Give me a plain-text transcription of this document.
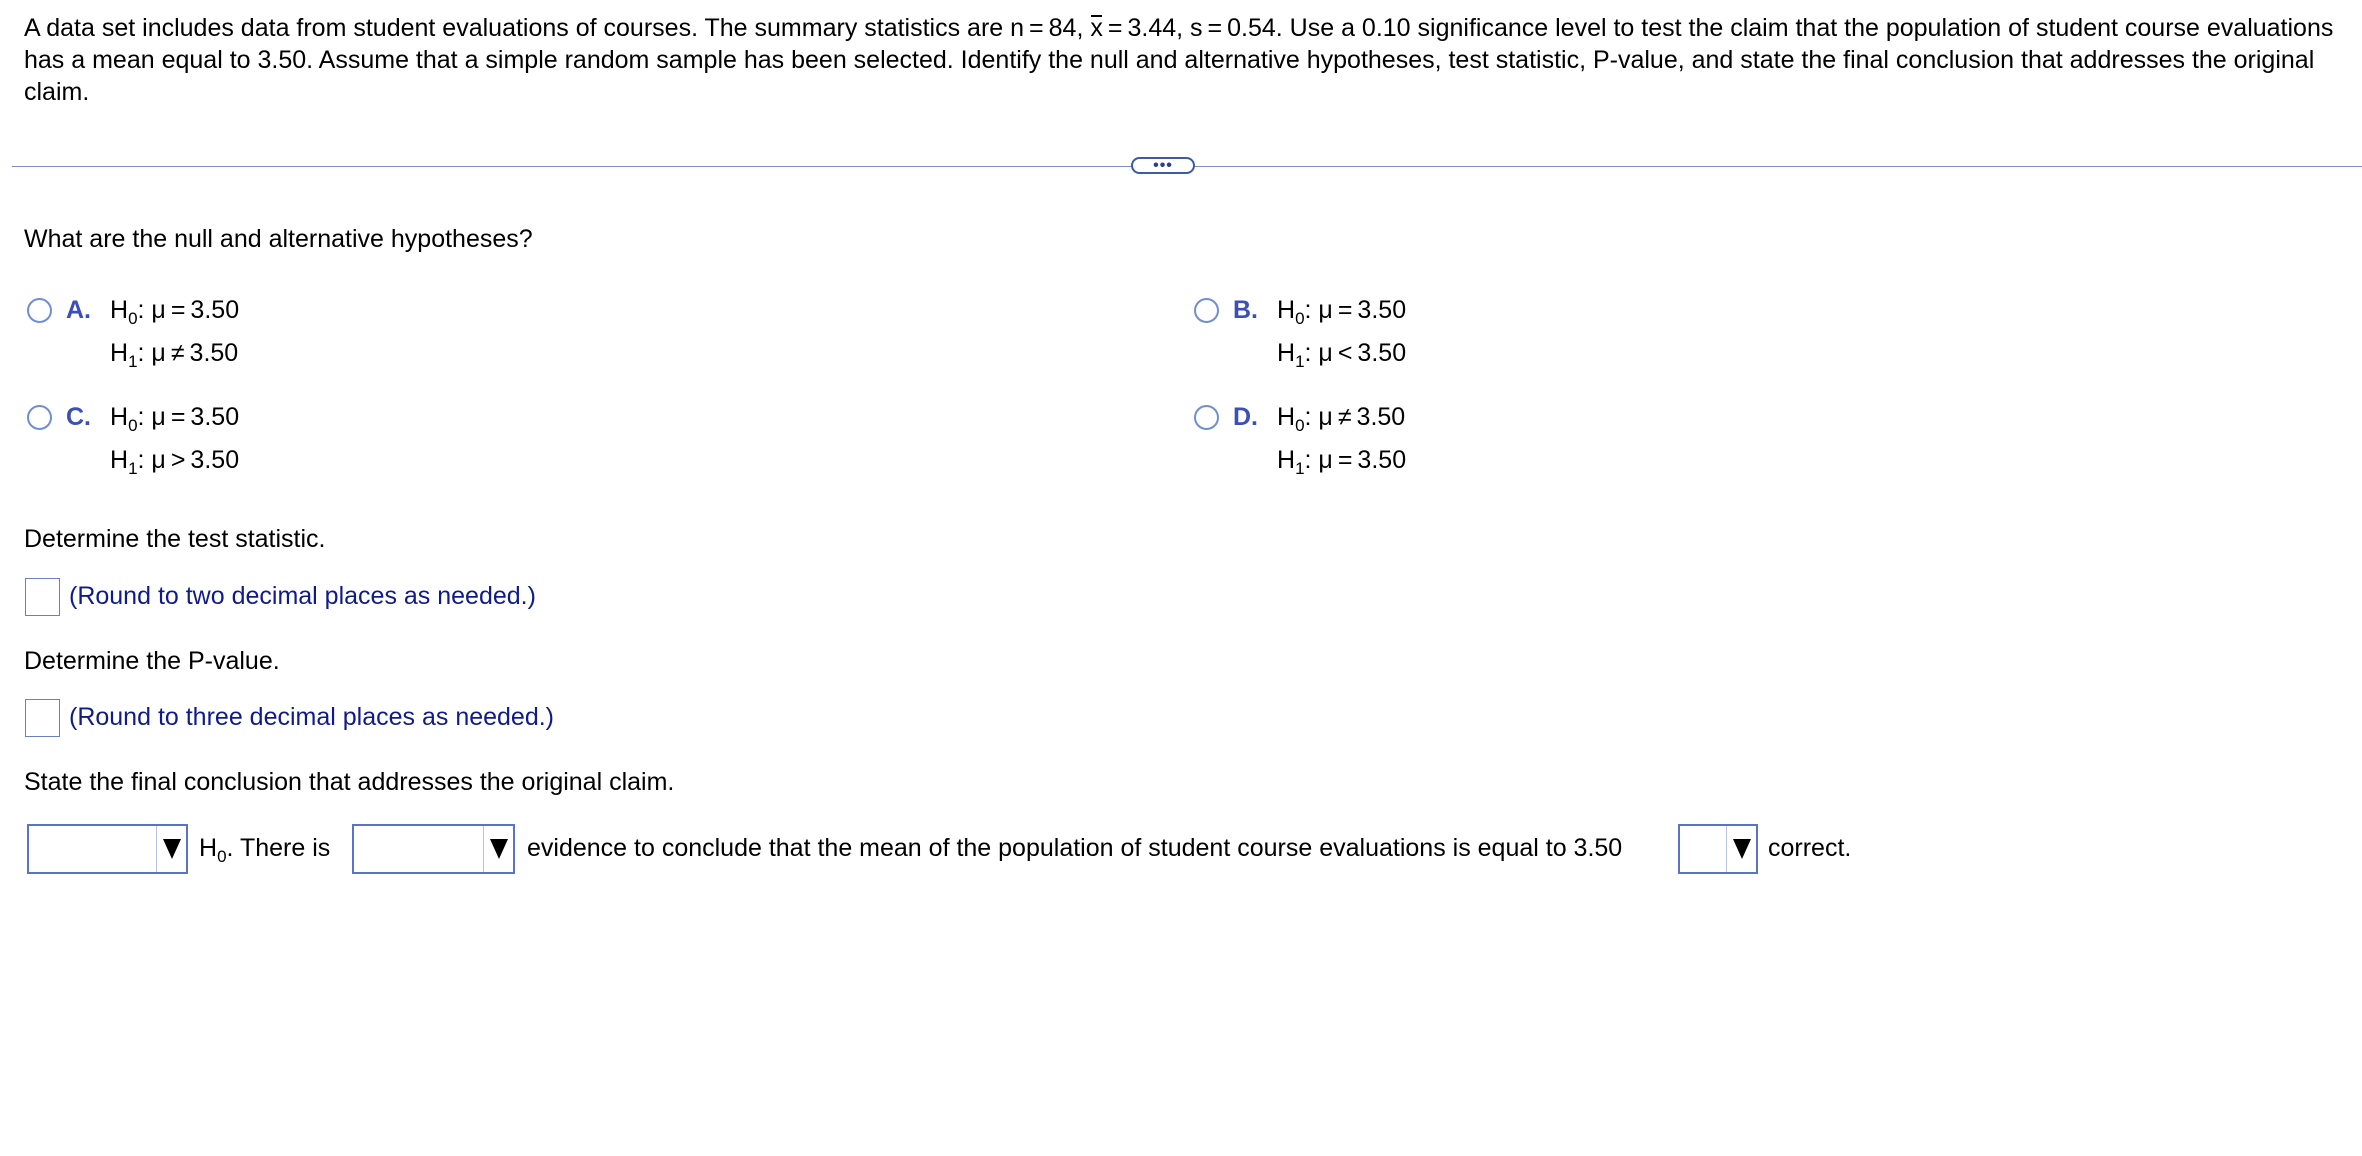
A data set includes data from student evaluations of courses. The summary statistics are n = 84, x = 3.44, s = 0.54. Use a 0.10 significance level to test the claim that the population of student course evaluations has a mean equal to 3.50. Assume that a simple random sample has been selected. Identify the null and alternative hypotheses, test statistic, P-value, and state the final conclusion that addresses the original claim.
•••
What are the null and alternative hypotheses?
A. $H_0$: μ = 3.50
$H_1$: μ ≠ 3.50
B. $H_0$: μ = 3.50
$H_1$: μ < 3.50
C. $H_0$: μ = 3.50
$H_1$: μ > 3.50
D. $H_0$: μ ≠ 3.50
$H_1$: μ = 3.50
Determine the test statistic.
(Round to two decimal places as needed.)
Determine the P-value.
(Round to three decimal places as needed.)
State the final conclusion that addresses the original claim.
$H_0$. There is	evidence to conclude that the mean of the population of student course evaluations is equal to 3.50	correct.
